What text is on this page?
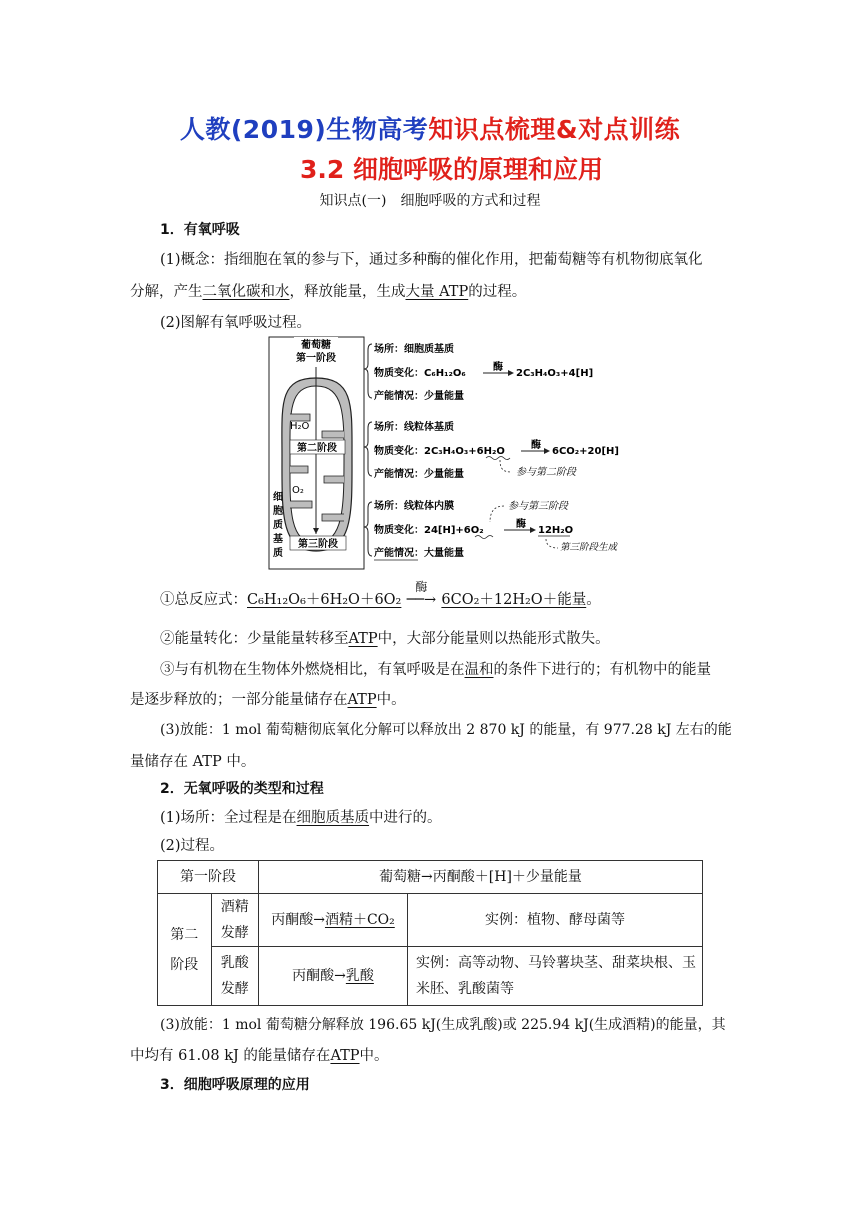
人教(2019)生物高考知识点梳理&对点训练
3.2 细胞呼吸的原理和应用
知识点(一)　细胞呼吸的方式和过程
1．有氧呼吸
(1)概念：指细胞在氧的参与下，通过多种酶的催化作用，把葡萄糖等有机物彻底氧化
分解，产生二氧化碳和水，释放能量，生成大量 ATP的过程。
(2)图解有氧呼吸过程。
葡萄糖
第一阶段
H₂O
第二阶段
O₂
第三阶段
细
胞
质
基
质
场所：细胞质基质
物质变化：C₆H₁₂O₆
产能情况：少量能量
场所：线粒体基质
物质变化：2C₃H₄O₃+6H₂O
产能情况：少量能量
场所：线粒体内膜
物质变化：24[H]+6O₂
产能情况：大量能量
酶
2C₃H₄O₃+4[H]
酶
6CO₂+20[H]
参与第二阶段
参与第三阶段
酶
12H₂O
第三阶段生成
①总反应式：C₆H₁₂O₆＋6H₂O＋6O₂
酶
──→ 6CO₂＋12H₂O＋能量。
②能量转化：少量能量转移至ATP中，大部分能量则以热能形式散失。
③与有机物在生物体外燃烧相比，有氧呼吸是在温和的条件下进行的；有机物中的能量
是逐步释放的；一部分能量储存在ATP中。
(3)放能：1 mol 葡萄糖彻底氧化分解可以释放出 2 870 kJ 的能量，有 977.28 kJ 左右的能
量储存在 ATP 中。
2．无氧呼吸的类型和过程
(1)场所：全过程是在细胞质基质中进行的。
(2)过程。
第一阶段		葡萄糖→丙酮酸＋[H]＋少量能量	

第二阶段	酒精发酵	丙酮酸→酒精＋CO₂	实例：植物、酵母菌等

	乳酸发酵	丙酮酸→乳酸	实例：高等动物、马铃薯块茎、甜菜块根、玉米胚、乳酸菌等
(3)放能：1 mol 葡萄糖分解释放 196.65 kJ(生成乳酸)或 225.94 kJ(生成酒精)的能量，其
中均有 61.08 kJ 的能量储存在ATP中。
3．细胞呼吸原理的应用
